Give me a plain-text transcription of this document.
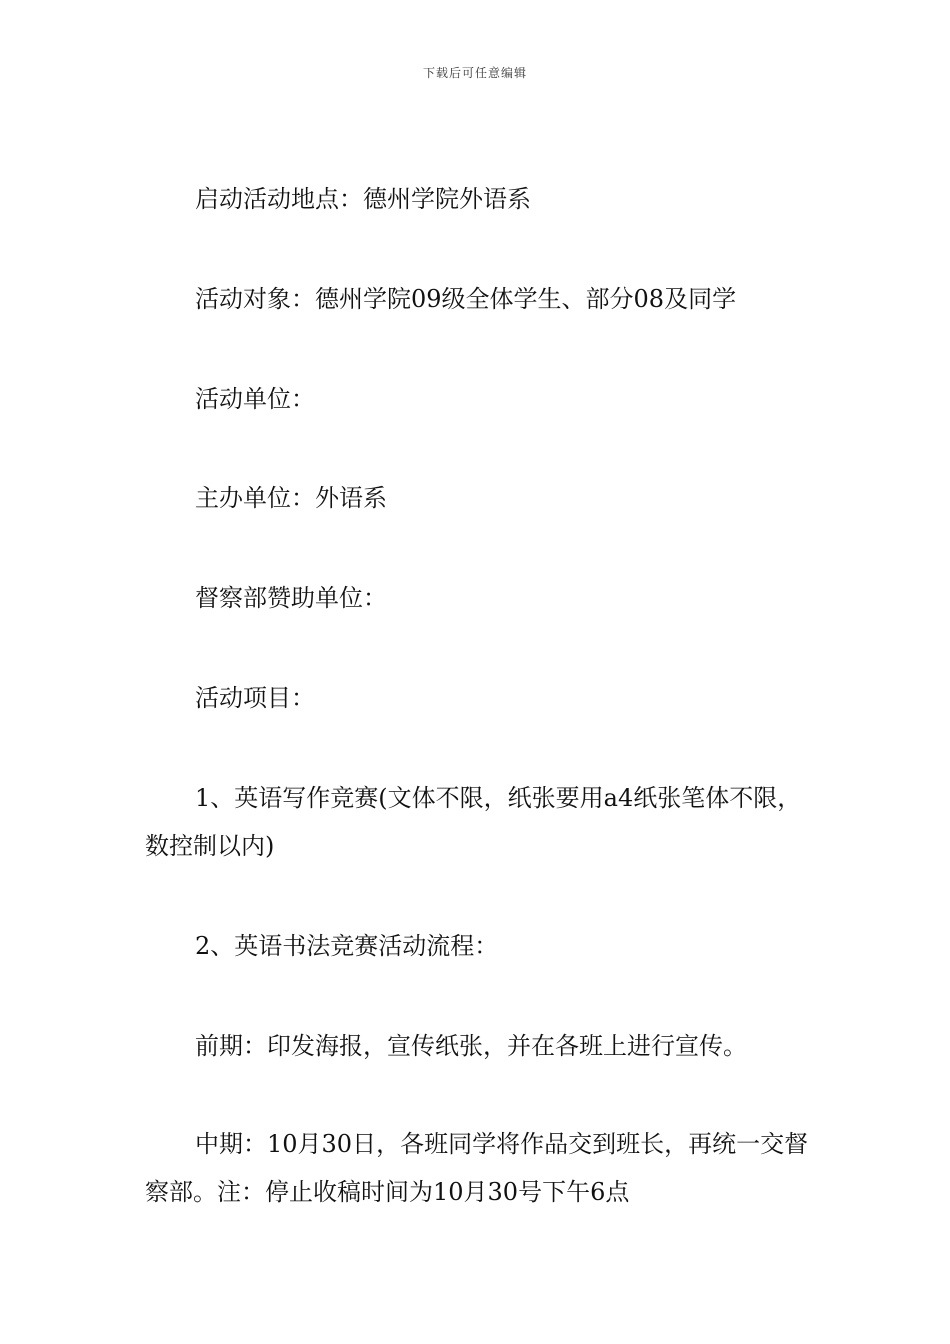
下载后可任意编辑
启动活动地点：德州学院外语系
活动对象：德州学院09级全体学生、部分08及同学
活动单位：
主办单位：外语系
督察部赞助单位：
活动项目：
1、英语写作竞赛(文体不限，纸张要用a4纸张笔体不限，数控制以内)
2、英语书法竞赛活动流程：
前期：印发海报，宣传纸张，并在各班上进行宣传。
中期：10月30日，各班同学将作品交到班长，再统一交督察部。注：停止收稿时间为10月30号下午6点
